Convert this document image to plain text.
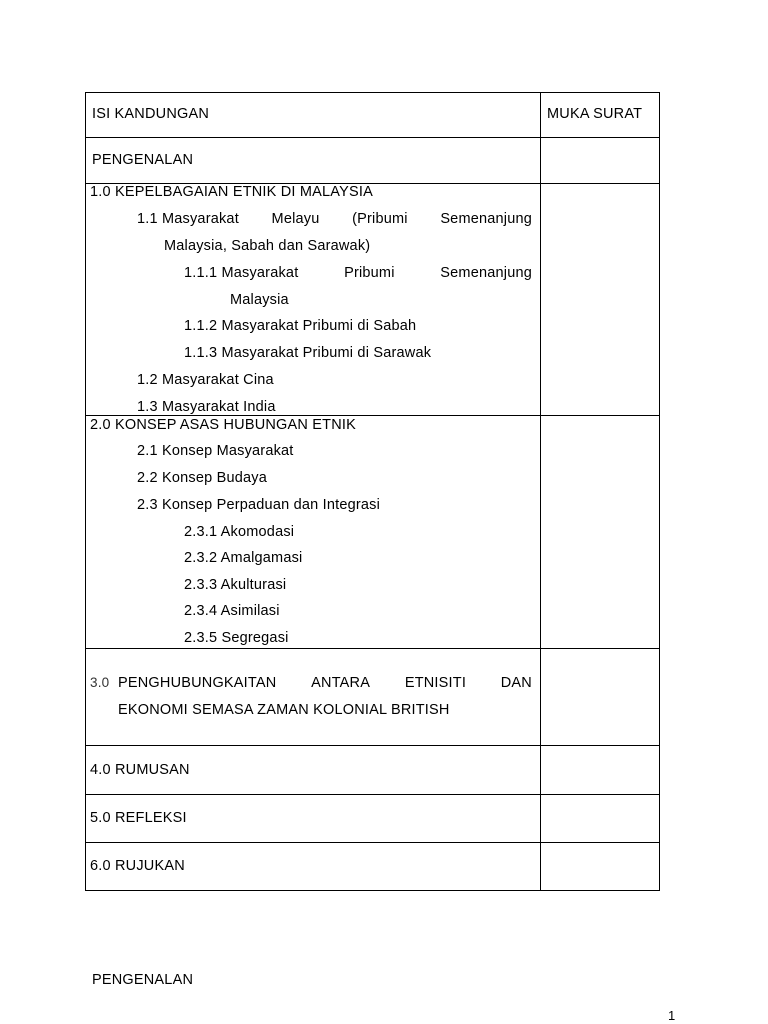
ISI KANDUNGAN	MUKA SURAT
PENGENALAN
1.0 KEPELBAGAIAN ETNIK DI MALAYSIA
1.1 Masyarakat Melayu (Pribumi Semenanjung
Malaysia, Sabah dan Sarawak)
1.1.1 Masyarakat	Pribumi	Semenanjung
Malaysia
1.1.2 Masyarakat Pribumi di Sabah
1.1.3 Masyarakat Pribumi di Sarawak
1.2 Masyarakat Cina
1.3 Masyarakat India
2.0 KONSEP ASAS HUBUNGAN ETNIK
2.1 Konsep Masyarakat
2.2 Konsep Budaya
2.3 Konsep Perpaduan dan Integrasi
2.3.1 Akomodasi
2.3.2 Amalgamasi
2.3.3 Akulturasi
2.3.4 Asimilasi
2.3.5 Segregasi
3.0 PENGHUBUNGKAITAN ANTARA ETNISITI DAN
EKONOMI SEMASA ZAMAN KOLONIAL BRITISH
4.0 RUMUSAN
5.0 REFLEKSI
6.0 RUJUKAN
PENGENALAN
1
